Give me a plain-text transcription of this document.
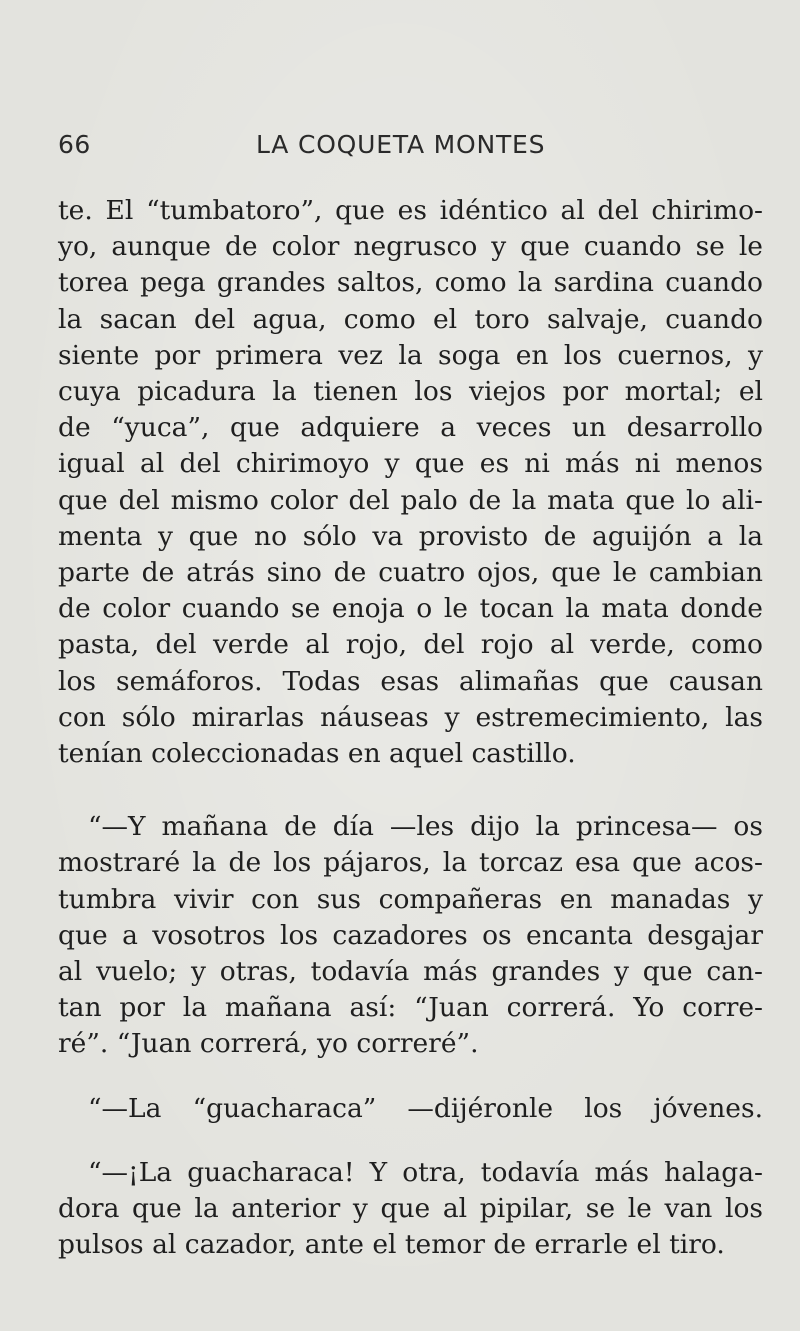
66	LA COQUETA MONTES

te. El “tumbatoro”, que es idéntico al del chirimo-
yo, aunque de color negrusco y que cuando se le
torea pega grandes saltos, como la sardina cuando
la sacan del agua, como el toro salvaje, cuando
siente por primera vez la soga en los cuernos, y
cuya picadura la tienen los viejos por mortal; el
de “yuca”, que adquiere a veces un desarrollo
igual al del chirimoyo y que es ni más ni menos
que del mismo color del palo de la mata que lo ali-
menta y que no sólo va provisto de aguijón a la
parte de atrás sino de cuatro ojos, que le cambian
de color cuando se enoja o le tocan la mata donde
pasta, del verde al rojo, del rojo al verde, como
los semáforos. Todas esas alimañas que causan
con sólo mirarlas náuseas y estremecimiento, las
tenían coleccionadas en aquel castillo.

“—Y mañana de día —les dijo la princesa— os
mostraré la de los pájaros, la torcaz esa que acos-
tumbra vivir con sus compañeras en manadas y
que a vosotros los cazadores os encanta desgajar
al vuelo; y otras, todavía más grandes y que can-
tan por la mañana así: “Juan correrá. Yo corre-
ré”. “Juan correrá, yo correré”.

“—La “guacharaca” —dijéronle los jóvenes.

“—¡La guacharaca! Y otra, todavía más halaga-
dora que la anterior y que al pipilar, se le van los
pulsos al cazador, ante el temor de errarle el tiro.
